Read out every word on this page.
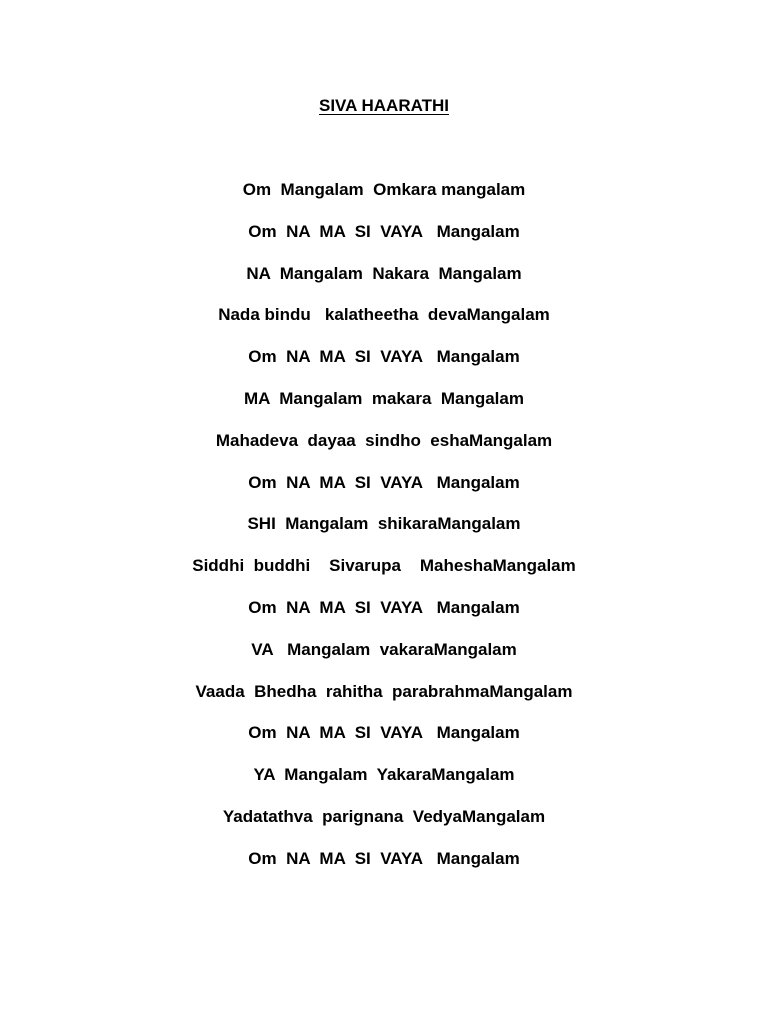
SIVA HAARATHI
Om  Mangalam  Omkara mangalam
Om  NA  MA  SI  VAYA   Mangalam
NA  Mangalam  Nakara  Mangalam
Nada bindu   kalatheetha  devaMangalam
Om  NA  MA  SI  VAYA   Mangalam
MA  Mangalam  makara  Mangalam
Mahadeva  dayaa  sindho  eshaMangalam
Om  NA  MA  SI  VAYA   Mangalam
SHI  Mangalam  shikaraMangalam
Siddhi  buddhi    Sivarupa    MaheshaMangalam
Om  NA  MA  SI  VAYA   Mangalam
VA   Mangalam  vakaraMangalam
Vaada  Bhedha  rahitha  parabrahmaMangalam
Om  NA  MA  SI  VAYA   Mangalam
YA  Mangalam  YakaraMangalam
Yadatathva  parignana  VedyaMangalam
Om  NA  MA  SI  VAYA   Mangalam
